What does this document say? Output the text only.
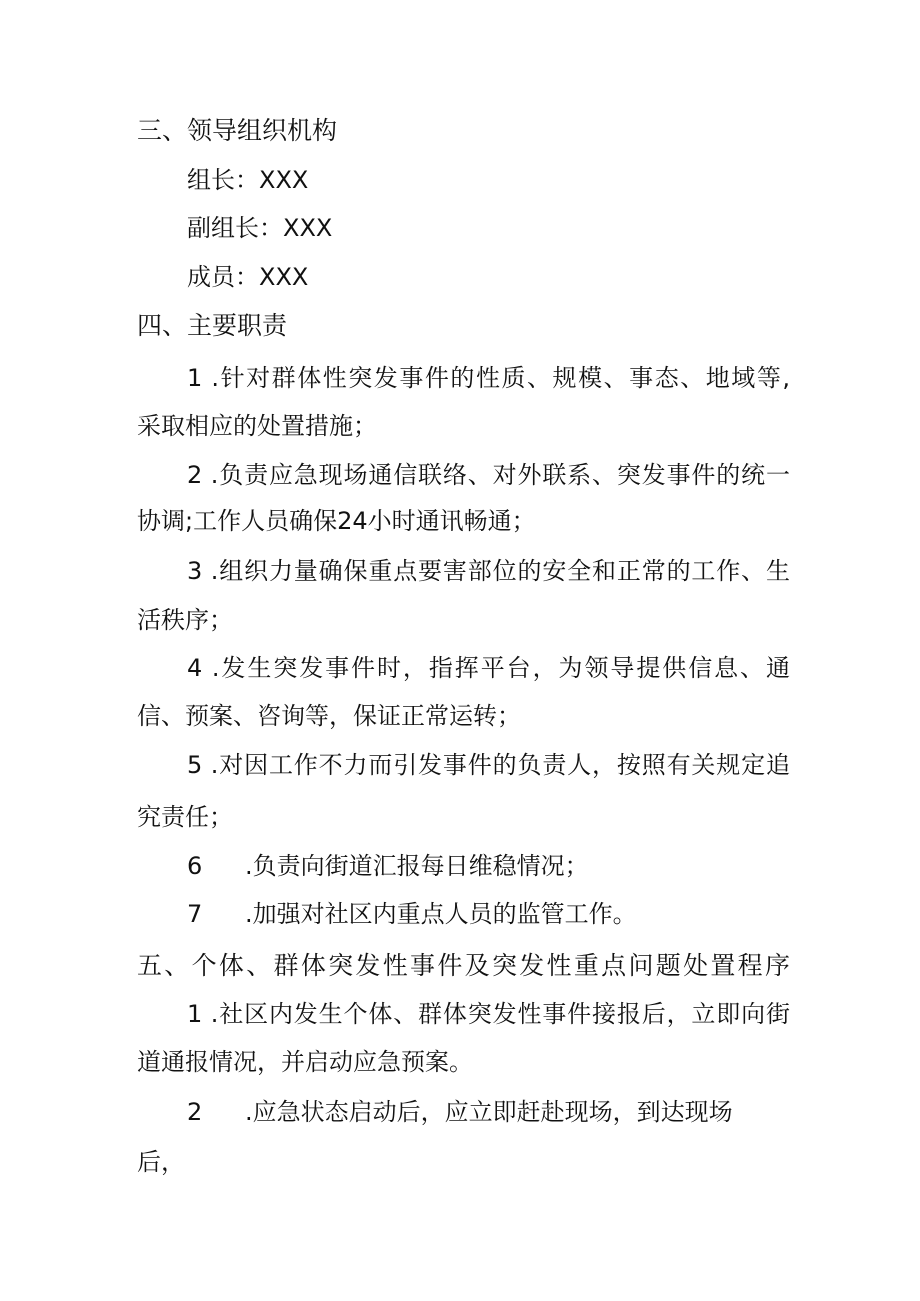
三、领导组织机构
组长：XXX
副组长：XXX
成员：XXX
四、主要职责
1 .针对群体性突发事件的性质、规模、事态、地域等,
采取相应的处置措施；
2 .负责应急现场通信联络、对外联系、突发事件的统一
协调;工作人员确保24小时通讯畅通；
3 .组织力量确保重点要害部位的安全和正常的工作、生
活秩序；
4 .发生突发事件时，指挥平台，为领导提供信息、通
信、预案、咨询等，保证正常运转；
5 .对因工作不力而引发事件的负责人，按照有关规定追
究责任；
6 .负责向街道汇报每日维稳情况；
7 .加强对社区内重点人员的监管工作。
五、个体、群体突发性事件及突发性重点问题处置程序
1 .社区内发生个体、群体突发性事件接报后，立即向街
道通报情况，并启动应急预案。
2 .应急状态启动后，应立即赶赴现场，到达现场
后，
